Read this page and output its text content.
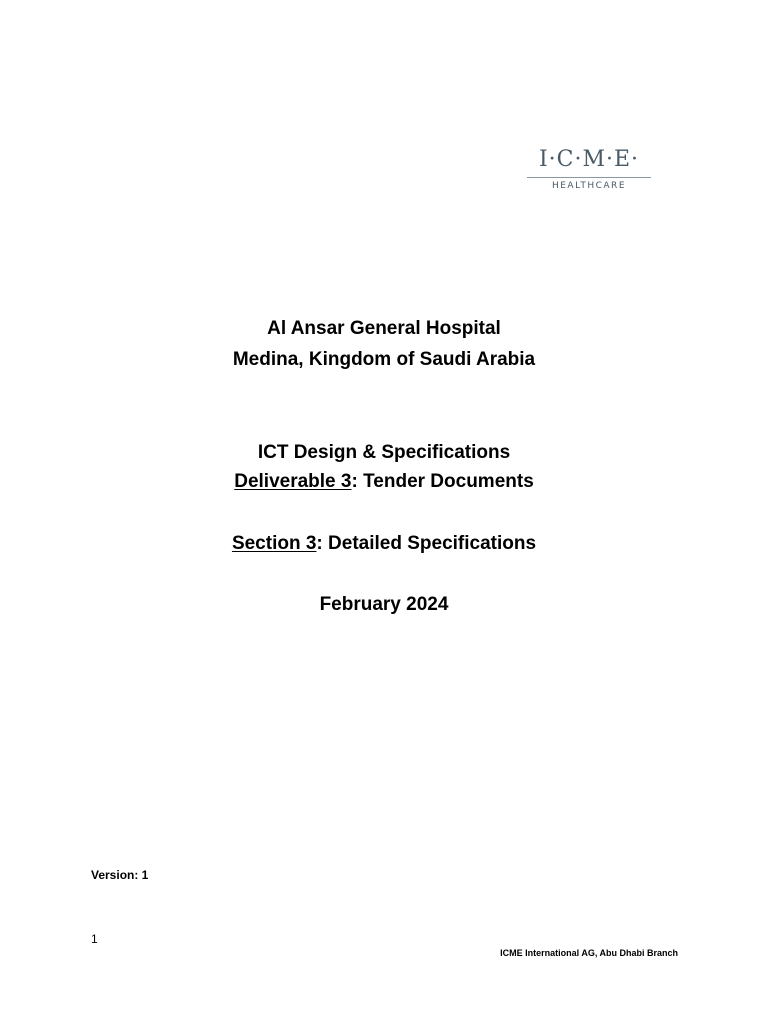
I·C·M·E·
HEALTHCARE
Al Ansar General Hospital
Medina, Kingdom of Saudi Arabia
ICT Design & Specifications
Deliverable 3: Tender Documents
Section 3: Detailed Specifications
February 2024
Version: 1
1
ICME International AG, Abu Dhabi Branch
